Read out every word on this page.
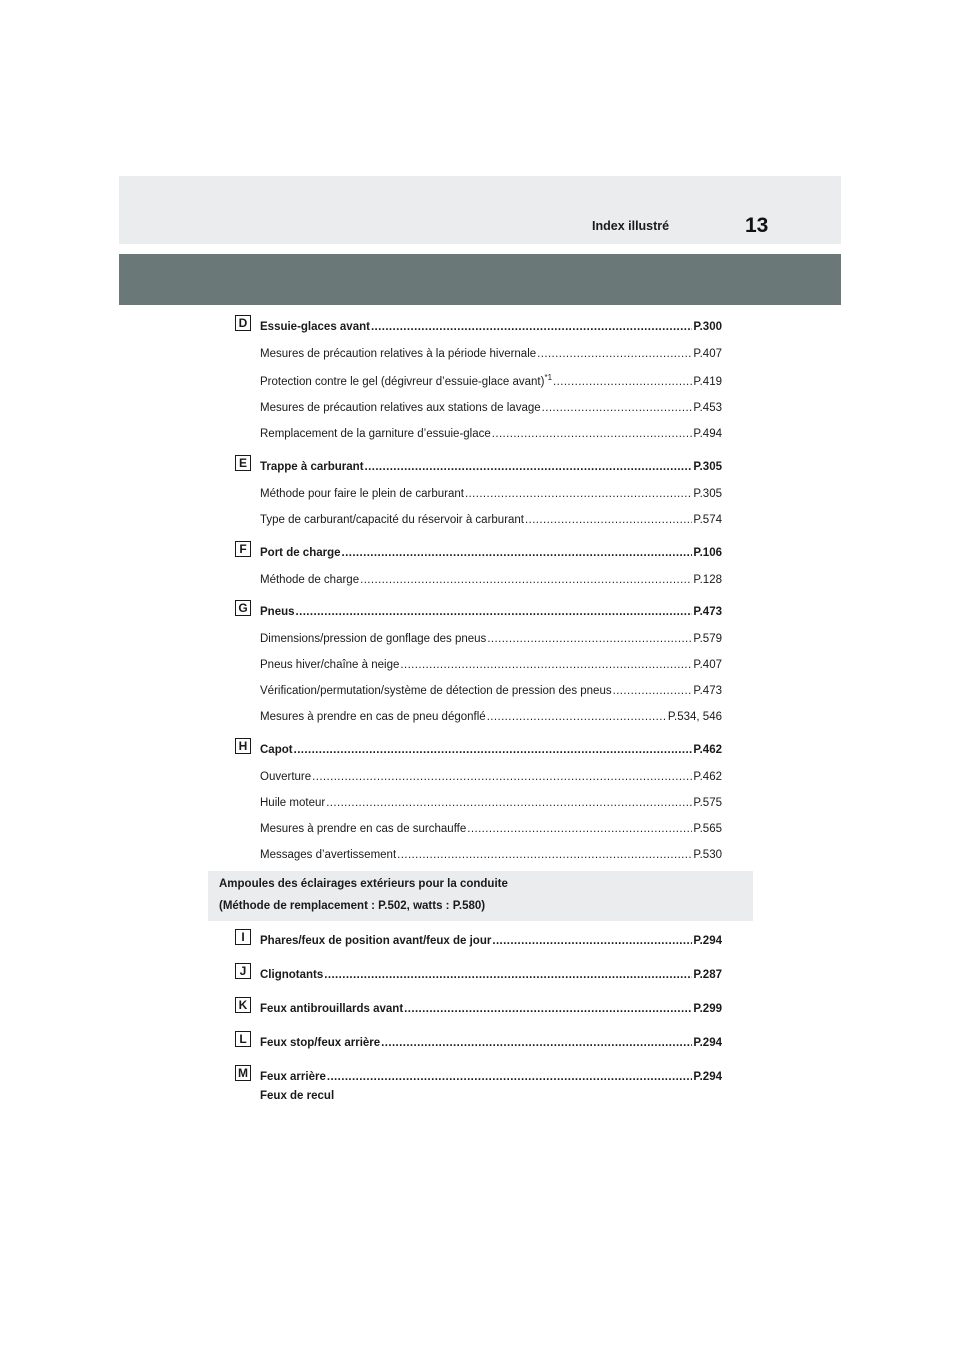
Index illustré	13
D	Essuie-glaces avant .....	P.300
Mesures de précaution relatives à la période hivernale .....	P.407
Protection contre le gel (dégivreur d’essuie-glace avant)$^{*1}$ .....	P.419
Mesures de précaution relatives aux stations de lavage .....	P.453
Remplacement de la garniture d’essuie-glace .....	P.494
E	Trappe à carburant .....	P.305
Méthode pour faire le plein de carburant .....	P.305
Type de carburant/capacité du réservoir à carburant .....	P.574
F	Port de charge .....	P.106
Méthode de charge .....	P.128
G Pneus .....	P.473
Dimensions/pression de gonflage des pneus .....	P.579
Pneus hiver/chaîne à neige .....	P.407
Vérification/permutation/système de détection de pression des pneus .....	P.473
Mesures à prendre en cas de pneu dégonflé .....	P.534, 546
H	Capot .....	P.462
Ouverture .....	P.462
Huile moteur .....	P.575
Mesures à prendre en cas de surchauffe .....	P.565
Messages d’avertissement .....	P.530
I	Phares/feux de position avant/feux de jour .....	P.294
J	Clignotants .....	P.287
K	Feux antibrouillards avant .....	P.299
L	Feux stop/feux arrière .....	P.294
M Feux arrière .....	P.294
Feux de recul
Ampoules des éclairages extérieurs pour la conduite
(Méthode de remplacement : P.502, watts : P.580)
